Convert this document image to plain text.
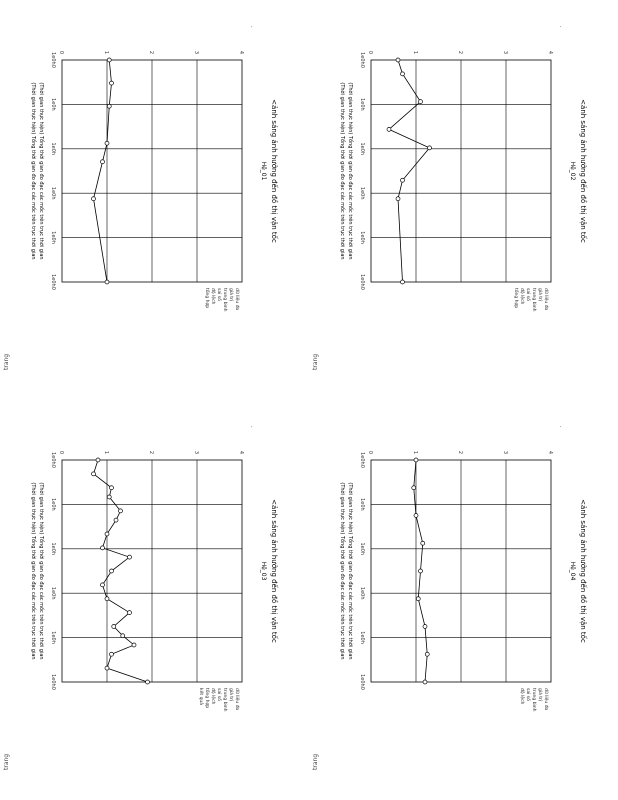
trang
<ảnh sáng ảnh hưởng đến đồ thị vận tốc
Hệ_01
0	1	2	3	4
1e0h0
1e0h
1e0h
1e0h
1e0h
1e0h0
(Thời gian thực hiện) Tổng thời gian đo đạc các mốc trên trục thời gian
(Thời gian thực hiện) Tổng thời gian đo đạc các mốc trên trục thời gian
dữ liệu đo
giá trị
trung bình
sai số
độ lệch
tổng hợp
·
trang
<ảnh sáng ảnh hưởng đến đồ thị vận tốc
Hệ_02
0	1	2	3	4
1e0h0
1e0h
1e0h
1e0h
1e0h
1e0h0
(Thời gian thực hiện) Tổng thời gian đo đạc các mốc trên trục thời gian
(Thời gian thực hiện) Tổng thời gian đo đạc các mốc trên trục thời gian
dữ liệu đo
giá trị
trung bình
sai số
độ lệch
tổng hợp
·
trang
<ảnh sáng ảnh hưởng đến đồ thị vận tốc
Hệ_03
0	1	2	3	4
1e0h0
1e0h
1e0h
1e0h
1e0h
1e0h0
(Thời gian thực hiện) Tổng thời gian đo đạc các mốc trên trục thời gian
(Thời gian thực hiện) Tổng thời gian đo đạc các mốc trên trục thời gian
dữ liệu đo
giá trị
trung bình
sai số
độ lệch
tổng hợp
kết quả
·
trang
<ảnh sáng ảnh hưởng đến đồ thị vận tốc
Hệ_04
0	1	2	3	4
1e0h0
1e0h
1e0h
1e0h
1e0h
1e0h0
(Thời gian thực hiện) Tổng thời gian đo đạc các mốc trên trục thời gian
(Thời gian thực hiện) Tổng thời gian đo đạc các mốc trên trục thời gian
dữ liệu đo
giá trị
trung bình
sai số
độ lệch
·
